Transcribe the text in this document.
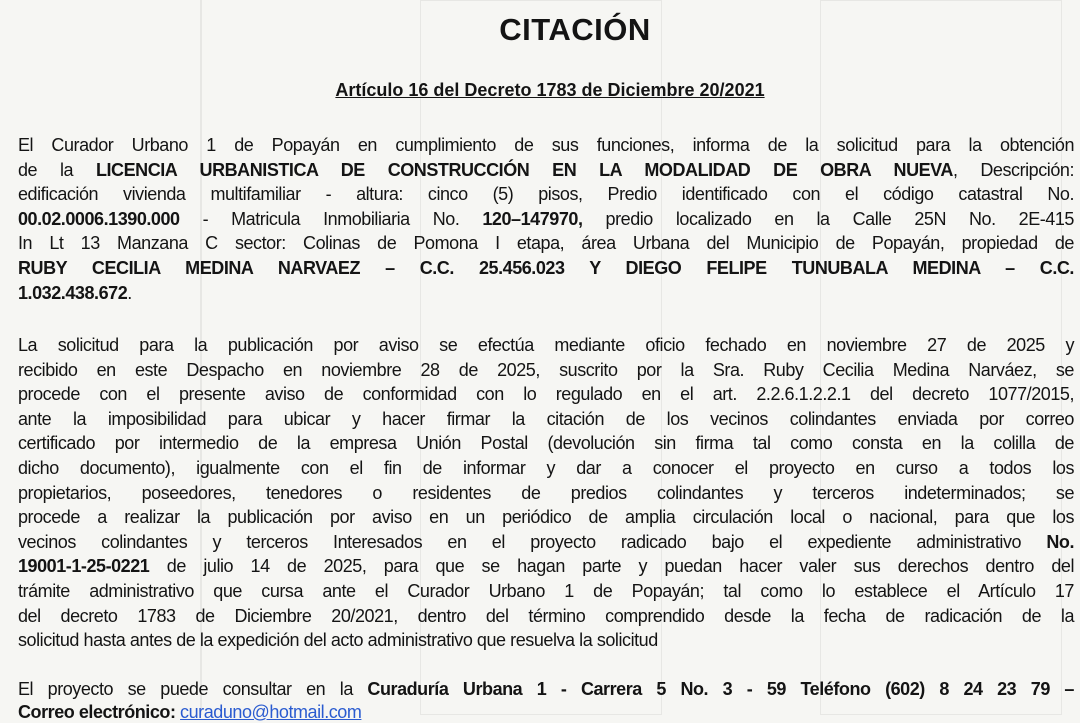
CITACIÓN
Artículo 16 del Decreto 1783 de Diciembre 20/2021
El Curador Urbano 1 de Popayán en cumplimiento de sus funciones, informa de la solicitud para la obtención
de la LICENCIA URBANISTICA DE CONSTRUCCIÓN EN LA MODALIDAD DE OBRA NUEVA, Descripción:
edificación vivienda multifamiliar - altura: cinco (5) pisos, Predio identificado con el código catastral No.
00.02.0006.1390.000 - Matricula Inmobiliaria No. 120–147970, predio localizado en la Calle 25N No. 2E-415
In Lt 13 Manzana C sector: Colinas de Pomona I etapa, área Urbana del Municipio de Popayán, propiedad de
RUBY CECILIA MEDINA NARVAEZ – C.C. 25.456.023 Y DIEGO FELIPE TUNUBALA MEDINA – C.C.
1.032.438.672.
La solicitud para la publicación por aviso se efectúa mediante oficio fechado en noviembre 27 de 2025 y
recibido en este Despacho en noviembre 28 de 2025, suscrito por la Sra. Ruby Cecilia Medina Narváez, se
procede con el presente aviso de conformidad con lo regulado en el art. 2.2.6.1.2.2.1 del decreto 1077/2015,
ante la imposibilidad para ubicar y hacer firmar la citación de los vecinos colindantes enviada por correo
certificado por intermedio de la empresa Unión Postal (devolución sin firma tal como consta en la colilla de
dicho documento), igualmente con el fin de informar y dar a conocer el proyecto en curso a todos los
propietarios, poseedores, tenedores o residentes de predios colindantes y terceros indeterminados; se
procede a realizar la publicación por aviso en un periódico de amplia circulación local o nacional, para que los
vecinos colindantes y terceros Interesados en el proyecto radicado bajo el expediente administrativo No.
19001-1-25-0221 de julio 14 de 2025, para que se hagan parte y puedan hacer valer sus derechos dentro del
trámite administrativo que cursa ante el Curador Urbano 1 de Popayán; tal como lo establece el Artículo 17
del decreto 1783 de Diciembre 20/2021, dentro del término comprendido desde la fecha de radicación de la
solicitud hasta antes de la expedición del acto administrativo que resuelva la solicitud
El proyecto se puede consultar en la Curaduría Urbana 1 - Carrera 5 No. 3 - 59 Teléfono (602) 8 24 23 79 –
Correo electrónico: curaduno@hotmail.com
